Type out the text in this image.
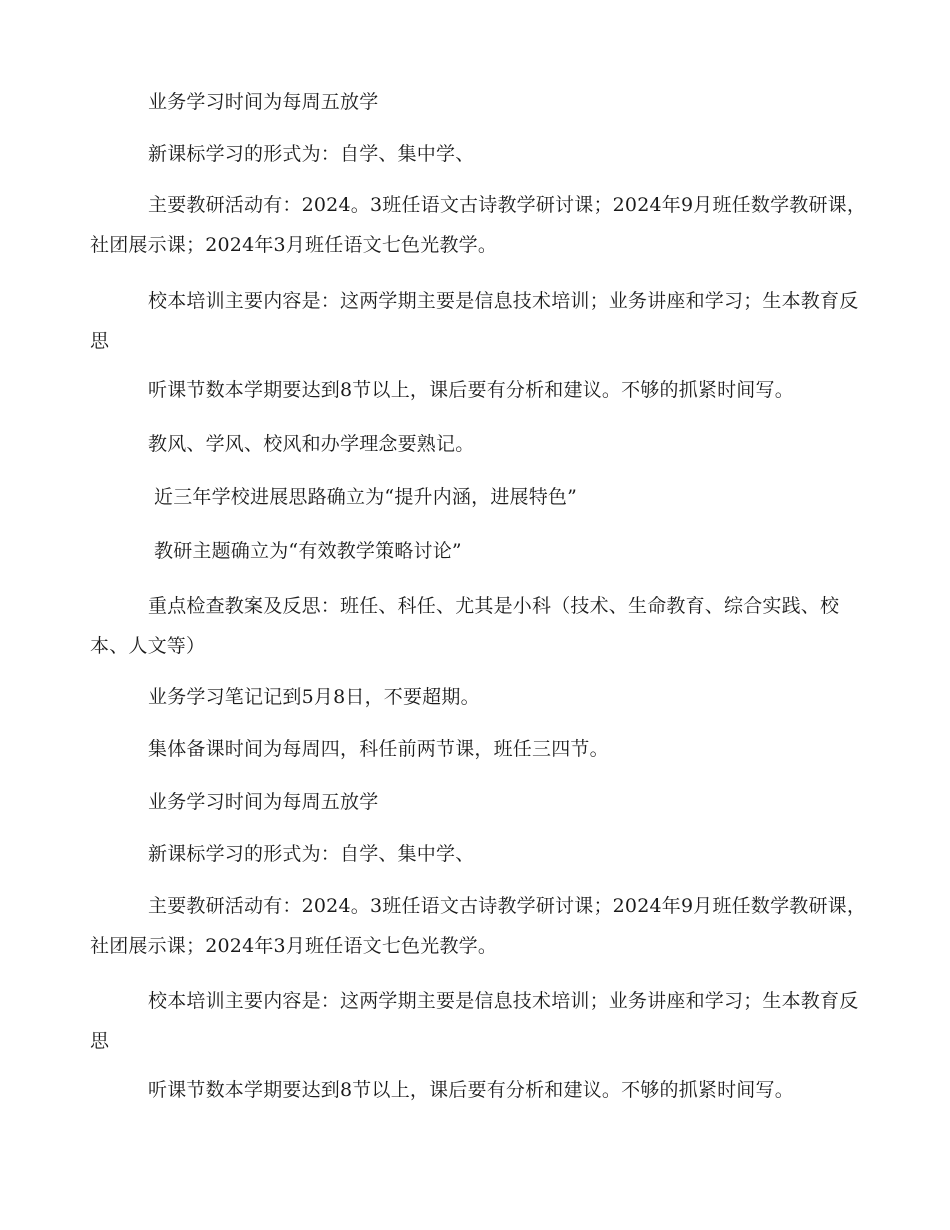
业务学习时间为每周五放学

新课标学习的形式为：自学、集中学、

主要教研活动有：2024。3班任语文古诗教学研讨课；2024年9月班任数学教研课，社团展示课；2024年3月班任语文七色光教学。

校本培训主要内容是：这两学期主要是信息技术培训；业务讲座和学习；生本教育反思

听课节数本学期要达到8节以上，课后要有分析和建议。不够的抓紧时间写。

教风、学风、校风和办学理念要熟记。

近三年学校进展思路确立为“提升内涵，进展特色”

教研主题确立为“有效教学策略讨论”

重点检查教案及反思：班任、科任、尤其是小科（技术、生命教育、综合实践、校本、人文等）

业务学习笔记记到5月8日，不要超期。

集体备课时间为每周四，科任前两节课，班任三四节。

业务学习时间为每周五放学

新课标学习的形式为：自学、集中学、

主要教研活动有：2024。3班任语文古诗教学研讨课；2024年9月班任数学教研课，社团展示课；2024年3月班任语文七色光教学。

校本培训主要内容是：这两学期主要是信息技术培训；业务讲座和学习；生本教育反思

听课节数本学期要达到8节以上，课后要有分析和建议。不够的抓紧时间写。
